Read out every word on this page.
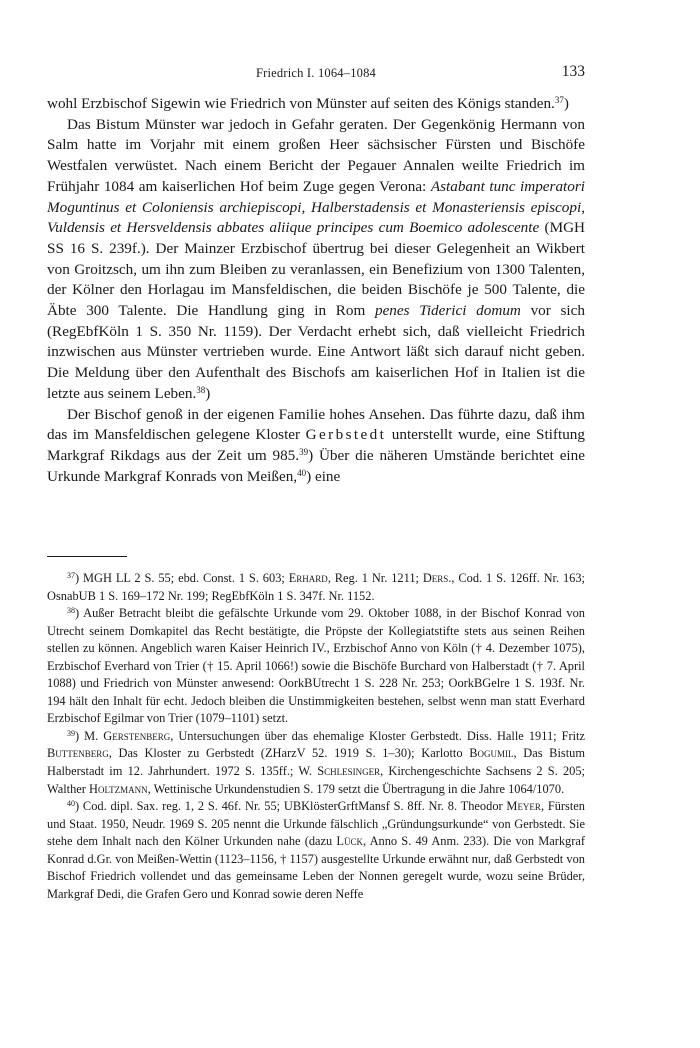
Friedrich I. 1064–1084	133

wohl Erzbischof Sigewin wie Friedrich von Münster auf seiten des Königs standen.$^{37}$)

Das Bistum Münster war jedoch in Gefahr geraten. Der Gegenkönig Hermann von Salm hatte im Vorjahr mit einem großen Heer sächsischer Fürsten und Bischöfe Westfalen verwüstet. Nach einem Bericht der Pegauer Annalen weilte Friedrich im Frühjahr 1084 am kaiserlichen Hof beim Zuge gegen Verona: Astabant tunc imperatori Moguntinus et Coloniensis archiepiscopi, Halberstadensis et Monasteriensis episcopi, Vuldensis et Hersveldensis abbates aliique principes cum Boemico adolescente (MGH SS 16 S. 239f.). Der Mainzer Erzbischof übertrug bei dieser Gelegenheit an Wikbert von Groitzsch, um ihn zum Bleiben zu veranlassen, ein Benefizium von 1300 Talenten, der Kölner den Horlagau im Mansfeldischen, die beiden Bischöfe je 500 Talente, die Äbte 300 Talente. Die Handlung ging in Rom penes Tiderici domum vor sich (RegEbfKöln 1 S. 350 Nr. 1159). Der Verdacht erhebt sich, daß vielleicht Friedrich inzwischen aus Münster vertrieben wurde. Eine Antwort läßt sich darauf nicht geben. Die Meldung über den Aufenthalt des Bischofs am kaiserlichen Hof in Italien ist die letzte aus seinem Leben.$^{38}$)

Der Bischof genoß in der eigenen Familie hohes Ansehen. Das führte dazu, daß ihm das im Mansfeldischen gelegene Kloster Gerbstedt unterstellt wurde, eine Stiftung Markgraf Rikdags aus der Zeit um 985.39) Über die näheren Umstände berichtet eine Urkunde Markgraf Konrads von Meißen,$^{40}$) eine

$^{37}$) MGH LL 2 S. 55; ebd. Const. 1 S. 603; Erhard, Reg. 1 Nr. 1211; Ders., Cod. 1 S. 126ff. Nr. 163; OsnabUB 1 S. 169–172 Nr. 199; RegEbfKöln 1 S. 347f. Nr. 1152.

$^{38}$) Außer Betracht bleibt die gefälschte Urkunde vom 29. Oktober 1088, in der Bischof Konrad von Utrecht seinem Domkapitel das Recht bestätigte, die Pröpste der Kollegiatstifte stets aus seinen Reihen stellen zu können. Angeblich waren Kaiser Heinrich IV., Erzbischof Anno von Köln († 4. Dezember 1075), Erzbischof Everhard von Trier († 15. April 1066!) sowie die Bischöfe Burchard von Halberstadt († 7. April 1088) und Friedrich von Münster anwesend: OorkBUtrecht 1 S. 228 Nr. 253; OorkBGelre 1 S. 193f. Nr. 194 hält den Inhalt für echt. Jedoch bleiben die Unstimmigkeiten bestehen, selbst wenn man statt Everhard Erzbischof Egilmar von Trier (1079–1101) setzt.

$^{39}$) M. Gerstenberg, Untersuchungen über das ehemalige Kloster Gerbstedt. Diss. Halle 1911; Fritz Buttenberg, Das Kloster zu Gerbstedt (ZHarzV 52. 1919 S. 1–30); Karlotto Bogumil, Das Bistum Halberstadt im 12. Jahrhundert. 1972 S. 135ff.; W. Schlesinger, Kirchengeschichte Sachsens 2 S. 205; Walther Holtzmann, Wettinische Urkundenstudien S. 179 setzt die Übertragung in die Jahre 1064/1070.

$^{40}$) Cod. dipl. Sax. reg. 1, 2 S. 46f. Nr. 55; UBKlösterGrftMansf S. 8ff. Nr. 8. Theodor Meyer, Fürsten und Staat. 1950, Neudr. 1969 S. 205 nennt die Urkunde fälschlich „Gründungsurkunde“ von Gerbstedt. Sie stehe dem Inhalt nach den Kölner Urkunden nahe (dazu Lück, Anno S. 49 Anm. 233). Die von Markgraf Konrad d.Gr. von Meißen-Wettin (1123–1156, † 1157) ausgestellte Urkunde erwähnt nur, daß Gerbstedt von Bischof Friedrich vollendet und das gemeinsame Leben der Nonnen geregelt wurde, wozu seine Brüder, Markgraf Dedi, die Grafen Gero und Konrad sowie deren Neffe
